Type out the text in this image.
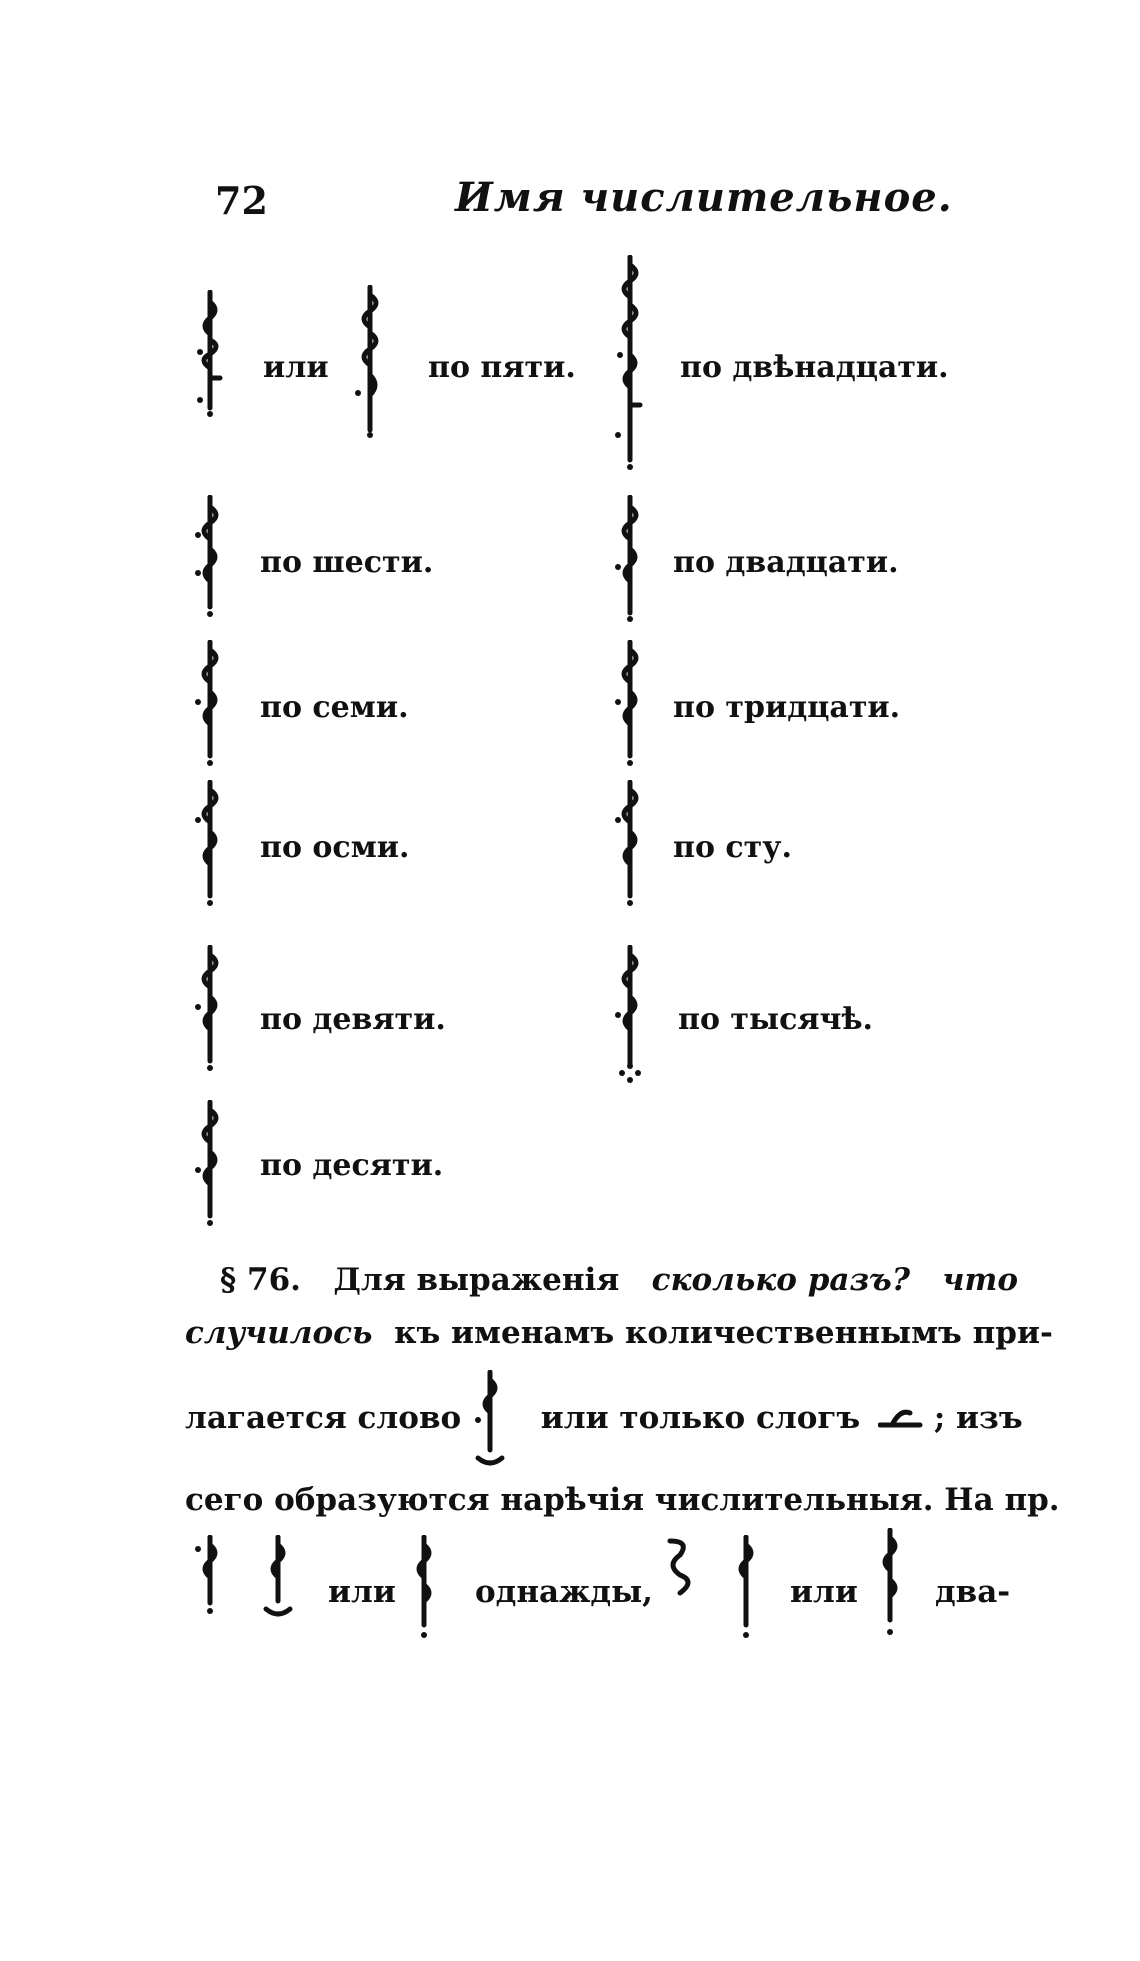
72	Имя числительное.
или	по пяти.	по двѣнадцати.
по шести.	по двадцати.
по семи.	по тридцати.
по осми.	по сту.
по девяти.	по тысячѣ.
по десяти.
§ 76. Для выраженія сколько разъ? что
случилось къ именамъ количественнымъ при-
лагается слово	или только слогъ ; изъ
сего образуются нарѣчія числительныя. На пр.
или	однажды,	или два-
